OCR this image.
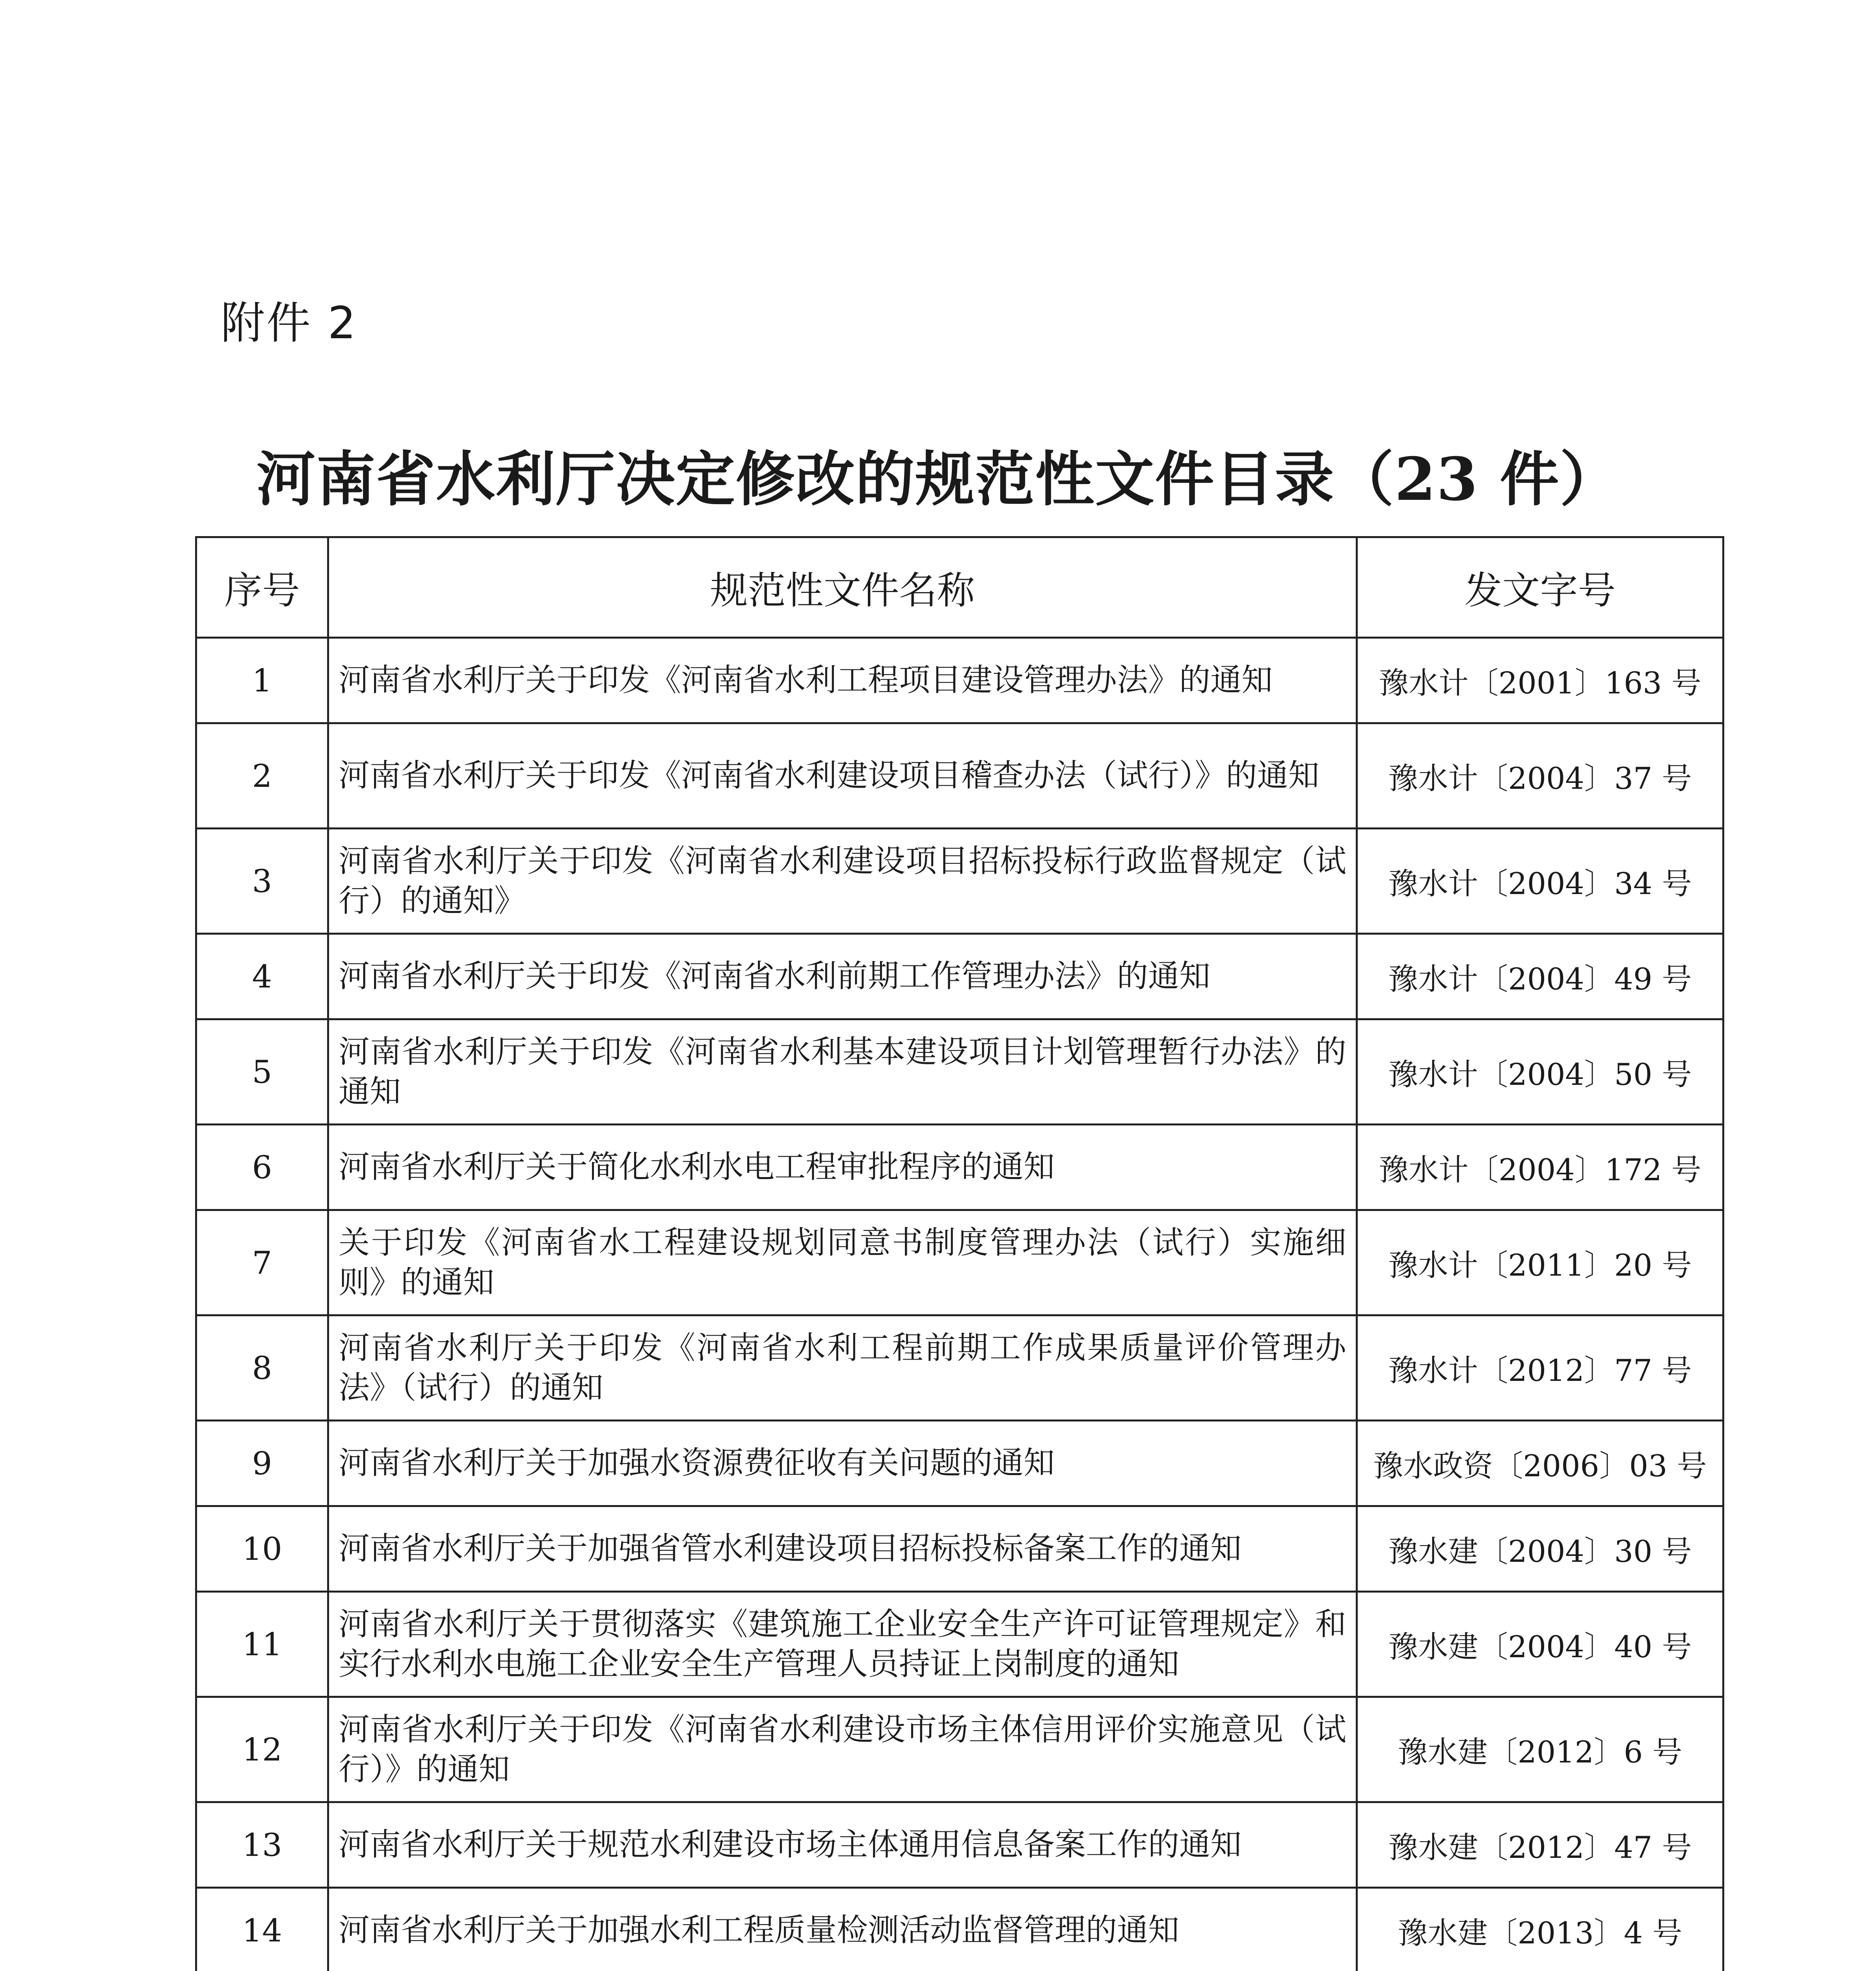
附件 2
河南省水利厅决定修改的规范性文件目录（23 件）
序号	规范性文件名称	发文字号
1	河南省水利厅关于印发《河南省水利工程项目建设管理办法》的通知	豫水计〔2001〕163 号
2	河南省水利厅关于印发《河南省水利建设项目稽查办法（试行）》的通知	豫水计〔2004〕37 号
3	河南省水利厅关于印发《河南省水利建设项目招标投标行政监督规定（试行）的通知》	豫水计〔2004〕34 号
4	河南省水利厅关于印发《河南省水利前期工作管理办法》的通知	豫水计〔2004〕49 号
5	河南省水利厅关于印发《河南省水利基本建设项目计划管理暂行办法》的通知	豫水计〔2004〕50 号
6	河南省水利厅关于简化水利水电工程审批程序的通知	豫水计〔2004〕172 号
7	关于印发《河南省水工程建设规划同意书制度管理办法（试行）实施细则》的通知	豫水计〔2011〕20 号
8	河南省水利厅关于印发《河南省水利工程前期工作成果质量评价管理办法》（试行）的通知	豫水计〔2012〕77 号
9	河南省水利厅关于加强水资源费征收有关问题的通知	豫水政资〔2006〕03 号
10	河南省水利厅关于加强省管水利建设项目招标投标备案工作的通知	豫水建〔2004〕30 号
11	河南省水利厅关于贯彻落实《建筑施工企业安全生产许可证管理规定》和实行水利水电施工企业安全生产管理人员持证上岗制度的通知	豫水建〔2004〕40 号
12	河南省水利厅关于印发《河南省水利建设市场主体信用评价实施意见（试行）》的通知	豫水建〔2012〕6 号
13	河南省水利厅关于规范水利建设市场主体通用信息备案工作的通知	豫水建〔2012〕47 号
14	河南省水利厅关于加强水利工程质量检测活动监督管理的通知	豫水建〔2013〕4 号
